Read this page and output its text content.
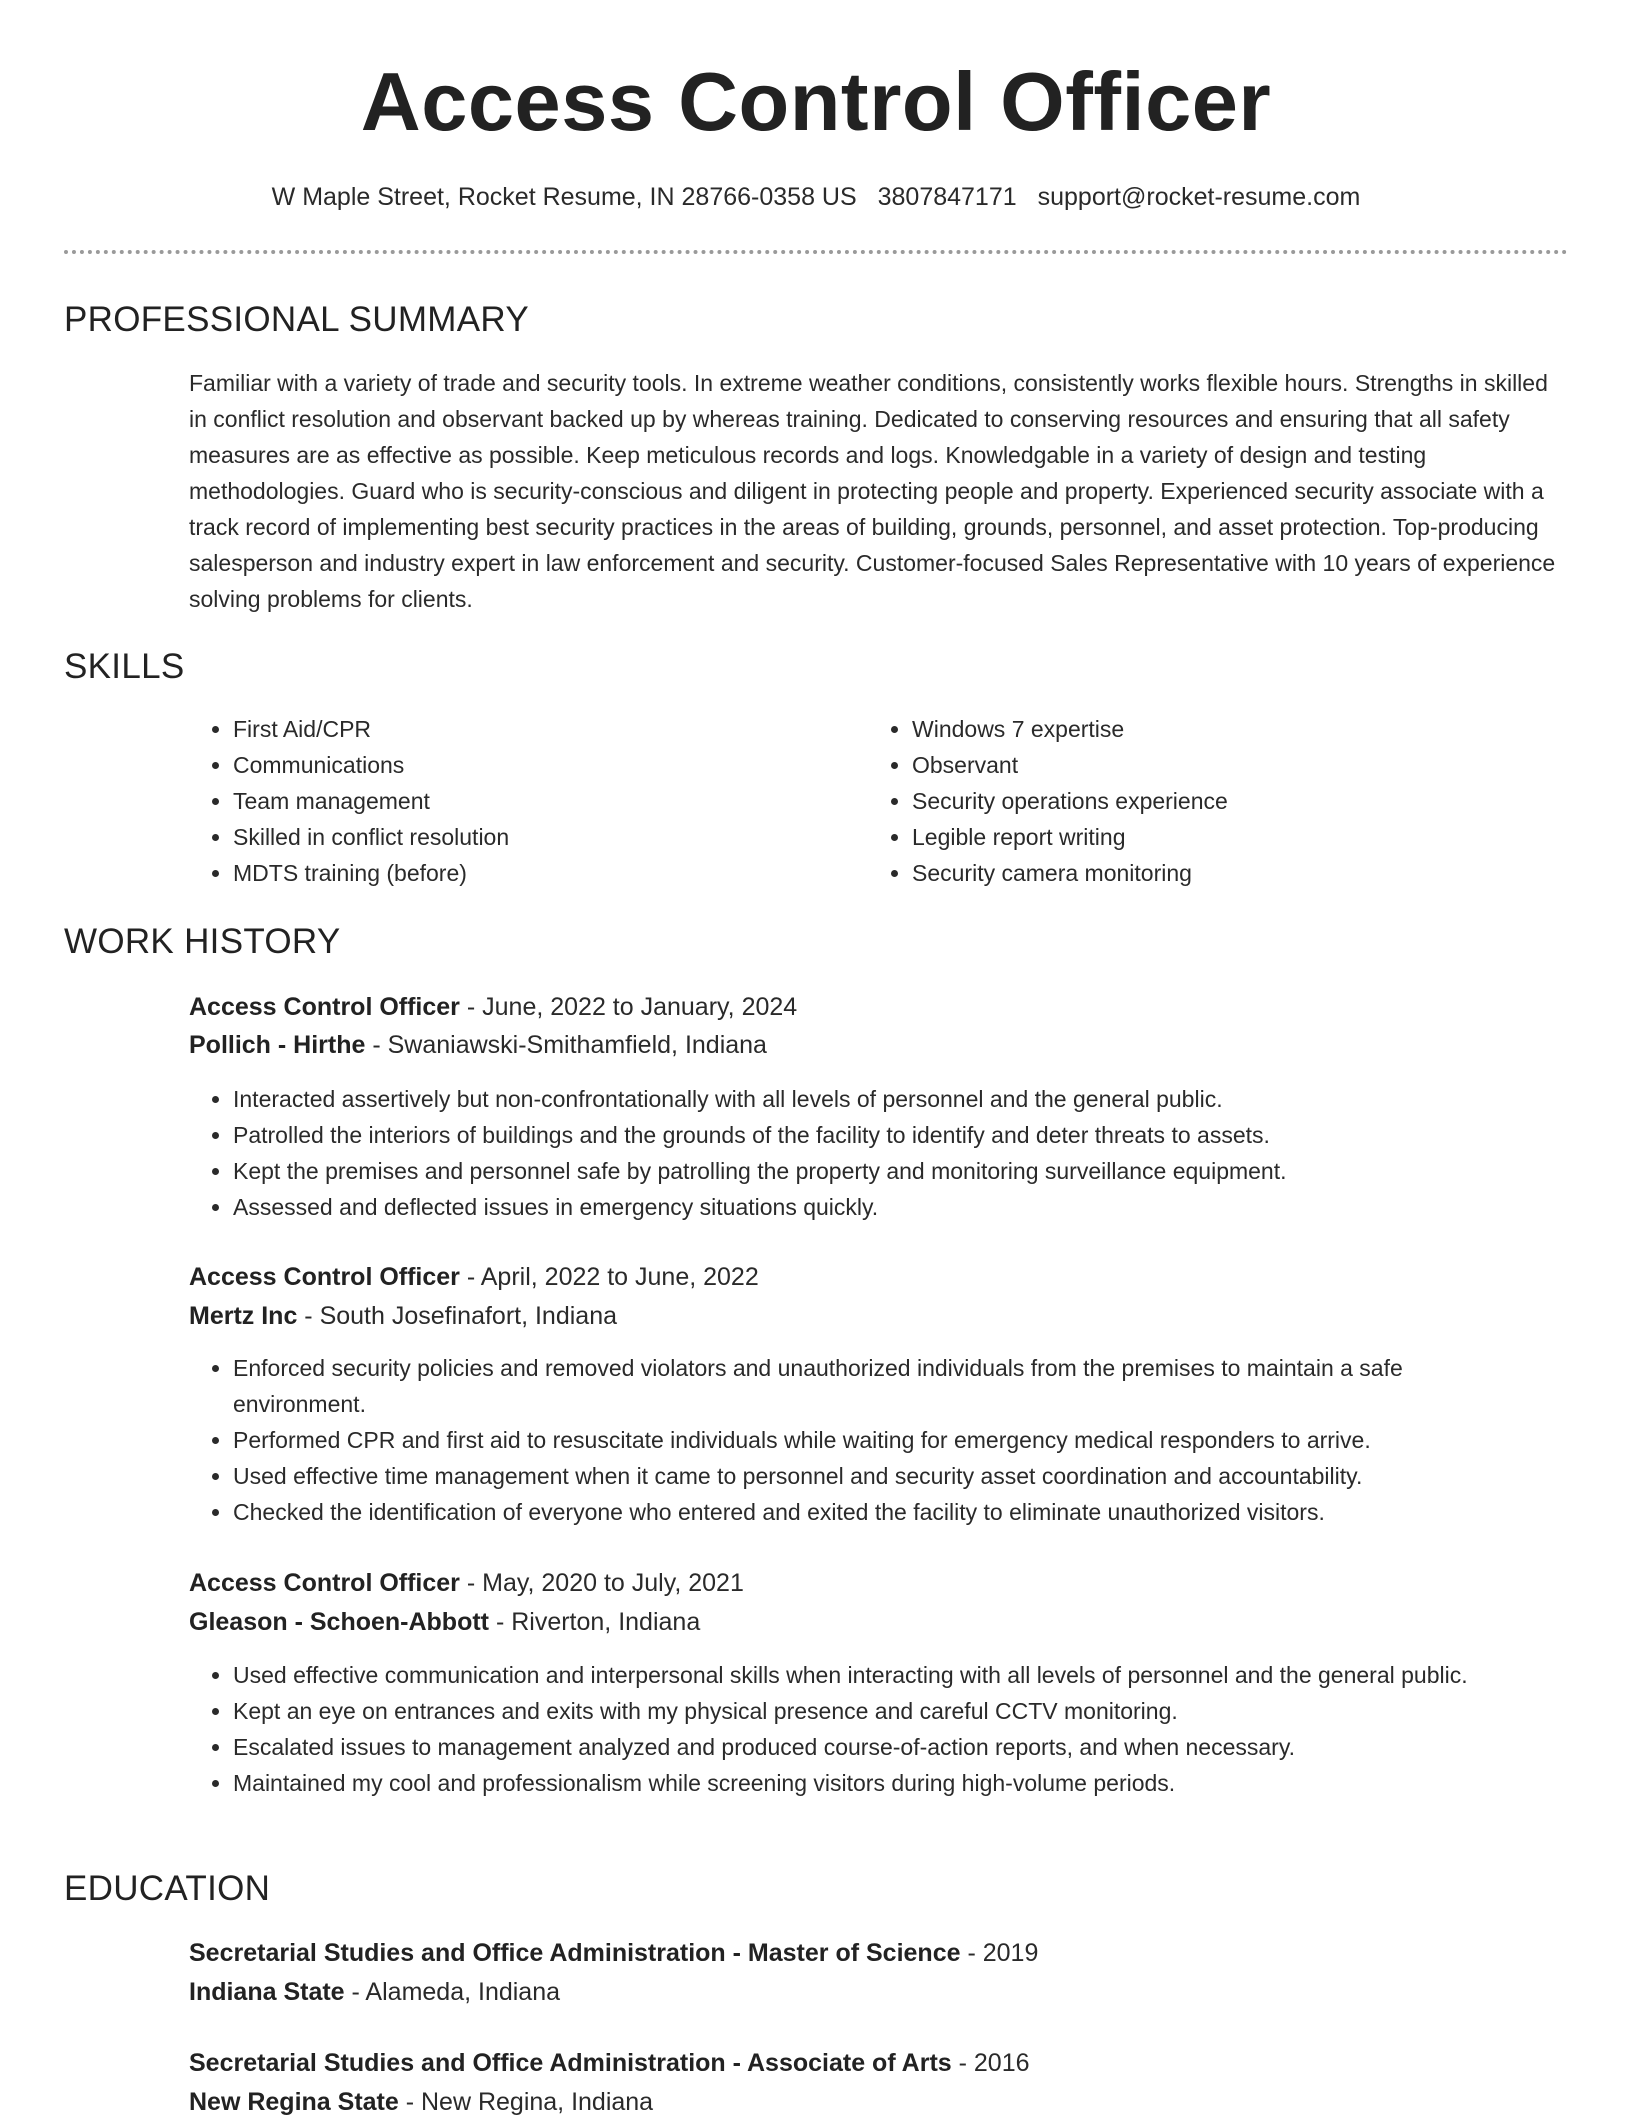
Access Control Officer
W Maple Street, Rocket Resume, IN 28766-0358 US 3807847171 support@rocket-resume.com
PROFESSIONAL SUMMARY

Familiar with a variety of trade and security tools. In extreme weather conditions, consistently works flexible hours. Strengths in skilled in conflict resolution and observant backed up by whereas training. Dedicated to conserving resources and ensuring that all safety measures are as effective as possible. Keep meticulous records and logs. Knowledgable in a variety of design and testing methodologies. Guard who is security-conscious and diligent in protecting people and property. Experienced security associate with a track record of implementing best security practices in the areas of building, grounds, personnel, and asset protection. Top-producing salesperson and industry expert in law enforcement and security. Customer-focused Sales Representative with 10 years of experience solving problems for clients.

SKILLS
• First Aid/CPR
• Communications
• Team management
• Skilled in conflict resolution
• MDTS training (before)
• Windows 7 expertise
• Observant
• Security operations experience
• Legible report writing
• Security camera monitoring
WORK HISTORY
Access Control Officer - June, 2022 to January, 2024
Pollich - Hirthe - Swaniawski-Smithamfield, Indiana
• Interacted assertively but non-confrontationally with all levels of personnel and the general public.
• Patrolled the interiors of buildings and the grounds of the facility to identify and deter threats to assets.
• Kept the premises and personnel safe by patrolling the property and monitoring surveillance equipment.
• Assessed and deflected issues in emergency situations quickly.
Access Control Officer - April, 2022 to June, 2022
Mertz Inc - South Josefinafort, Indiana
• Enforced security policies and removed violators and unauthorized individuals from the premises to maintain a safe environment.
• Performed CPR and first aid to resuscitate individuals while waiting for emergency medical responders to arrive.
• Used effective time management when it came to personnel and security asset coordination and accountability.
• Checked the identification of everyone who entered and exited the facility to eliminate unauthorized visitors.
Access Control Officer - May, 2020 to July, 2021
Gleason - Schoen-Abbott - Riverton, Indiana
• Used effective communication and interpersonal skills when interacting with all levels of personnel and the general public.
• Kept an eye on entrances and exits with my physical presence and careful CCTV monitoring.
• Escalated issues to management analyzed and produced course-of-action reports, and when necessary.
• Maintained my cool and professionalism while screening visitors during high-volume periods.
EDUCATION
Secretarial Studies and Office Administration - Master of Science - 2019
Indiana State - Alameda, Indiana
Secretarial Studies and Office Administration - Associate of Arts - 2016
New Regina State - New Regina, Indiana
